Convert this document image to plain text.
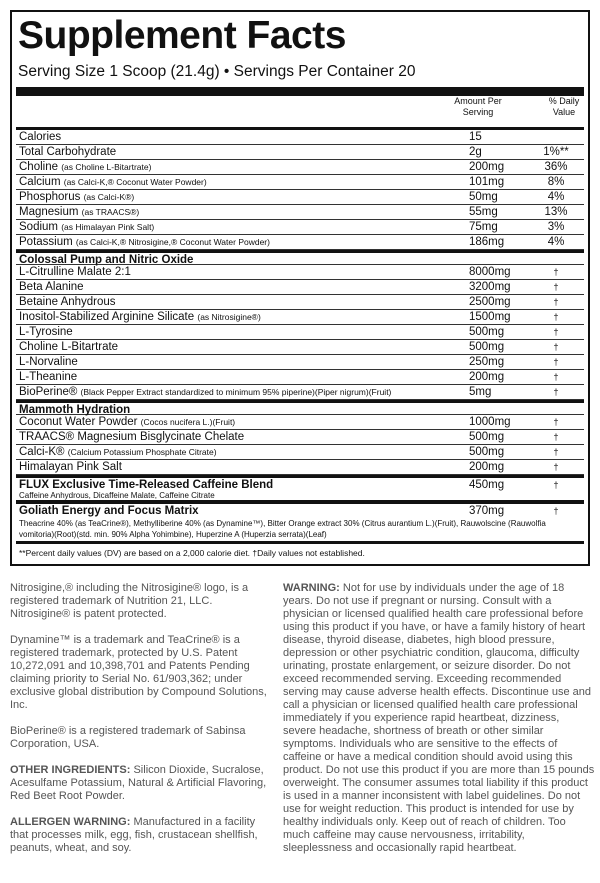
Supplement Facts
Serving Size 1 Scoop (21.4g) • Servings Per Container 20
Amount Per Serving
% Daily Value
Calories	15
Total Carbohydrate	2g	1%**
Choline (as Choline L-Bitartrate)	200mg	36%
Calcium (as Calci-K,® Coconut Water Powder)	101mg	8%
Phosphorus (as Calci-K®)	50mg	4%
Magnesium (as TRAACS®)	55mg	13%
Sodium (as Himalayan Pink Salt)	75mg	3%
Potassium (as Calci-K,® Nitrosigine,® Coconut Water Powder)	186mg	4%
Colossal Pump and Nitric Oxide
L-Citrulline Malate 2:1	8000mg	†
Beta Alanine	3200mg	†
Betaine Anhydrous	2500mg	†
Inositol-Stabilized Arginine Silicate (as Nitrosigine®)	1500mg	†
L-Tyrosine	500mg	†
Choline L-Bitartrate	500mg	†
L-Norvaline	250mg	†
L-Theanine	200mg	†
BioPerine® (Black Pepper Extract standardized to minimum 95% piperine)(Piper nigrum)(Fruit)	5mg	†
Mammoth Hydration
Coconut Water Powder (Cocos nucifera L.)(Fruit)	1000mg	†
TRAACS® Magnesium Bisglycinate Chelate	500mg	†
Calci-K® (Calcium Potassium Phosphate Citrate)	500mg	†
Himalayan Pink Salt	200mg	†
FLUX Exclusive Time-Released Caffeine Blend	450mg	†
Caffeine Anhydrous, Dicaffeine Malate, Caffeine Citrate
Goliath Energy and Focus Matrix	370mg	†
Theacrine 40% (as TeaCrine®), Methylliberine 40% (as Dynamine™), Bitter Orange extract 30% (Citrus aurantium L.)(Fruit), Rauwolscine (Rauwolfia vomitoria)(Root)(std. min. 90% Alpha Yohimbine), Huperzine A (Huperzia serrata)(Leaf)
**Percent daily values (DV) are based on a 2,000 calorie diet. †Daily values not established.

Nitrosigine,® including the Nitrosigine® logo, is a registered trademark of Nutrition 21, LLC. Nitrosigine® is patent protected.

Dynamine™ is a trademark and TeaCrine® is a registered trademark, protected by U.S. Patent 10,272,091 and 10,398,701 and Patents Pending claiming priority to Serial No. 61/903,362; under exclusive global distribution by Compound Solutions, Inc.

BioPerine® is a registered trademark of Sabinsa Corporation, USA.

OTHER INGREDIENTS: Silicon Dioxide, Sucralose, Acesulfame Potassium, Natural & Artificial Flavoring, Red Beet Root Powder.

ALLERGEN WARNING: Manufactured in a facility that processes milk, egg, fish, crustacean shellfish, peanuts, wheat, and soy.

WARNING: Not for use by individuals under the age of 18 years. Do not use if pregnant or nursing. Consult with a physician or licensed qualified health care professional before using this product if you have, or have a family history of heart disease, thyroid disease, diabetes, high blood pressure, depression or other psychiatric condition, glaucoma, difficulty urinating, prostate enlargement, or seizure disorder. Do not exceed recommended serving. Exceeding recommended serving may cause adverse health effects. Discontinue use and call a physician or licensed qualified health care professional immediately if you experience rapid heartbeat, dizziness, severe headache, shortness of breath or other similar symptoms. Individuals who are sensitive to the effects of caffeine or have a medical condition should avoid using this product. Do not use this product if you are more than 15 pounds overweight. The consumer assumes total liability if this product is used in a manner inconsistent with label guidelines. Do not use for weight reduction. This product is intended for use by healthy individuals only. Keep out of reach of children. Too much caffeine may cause nervousness, irritability, sleeplessness and occasionally rapid heartbeat.
